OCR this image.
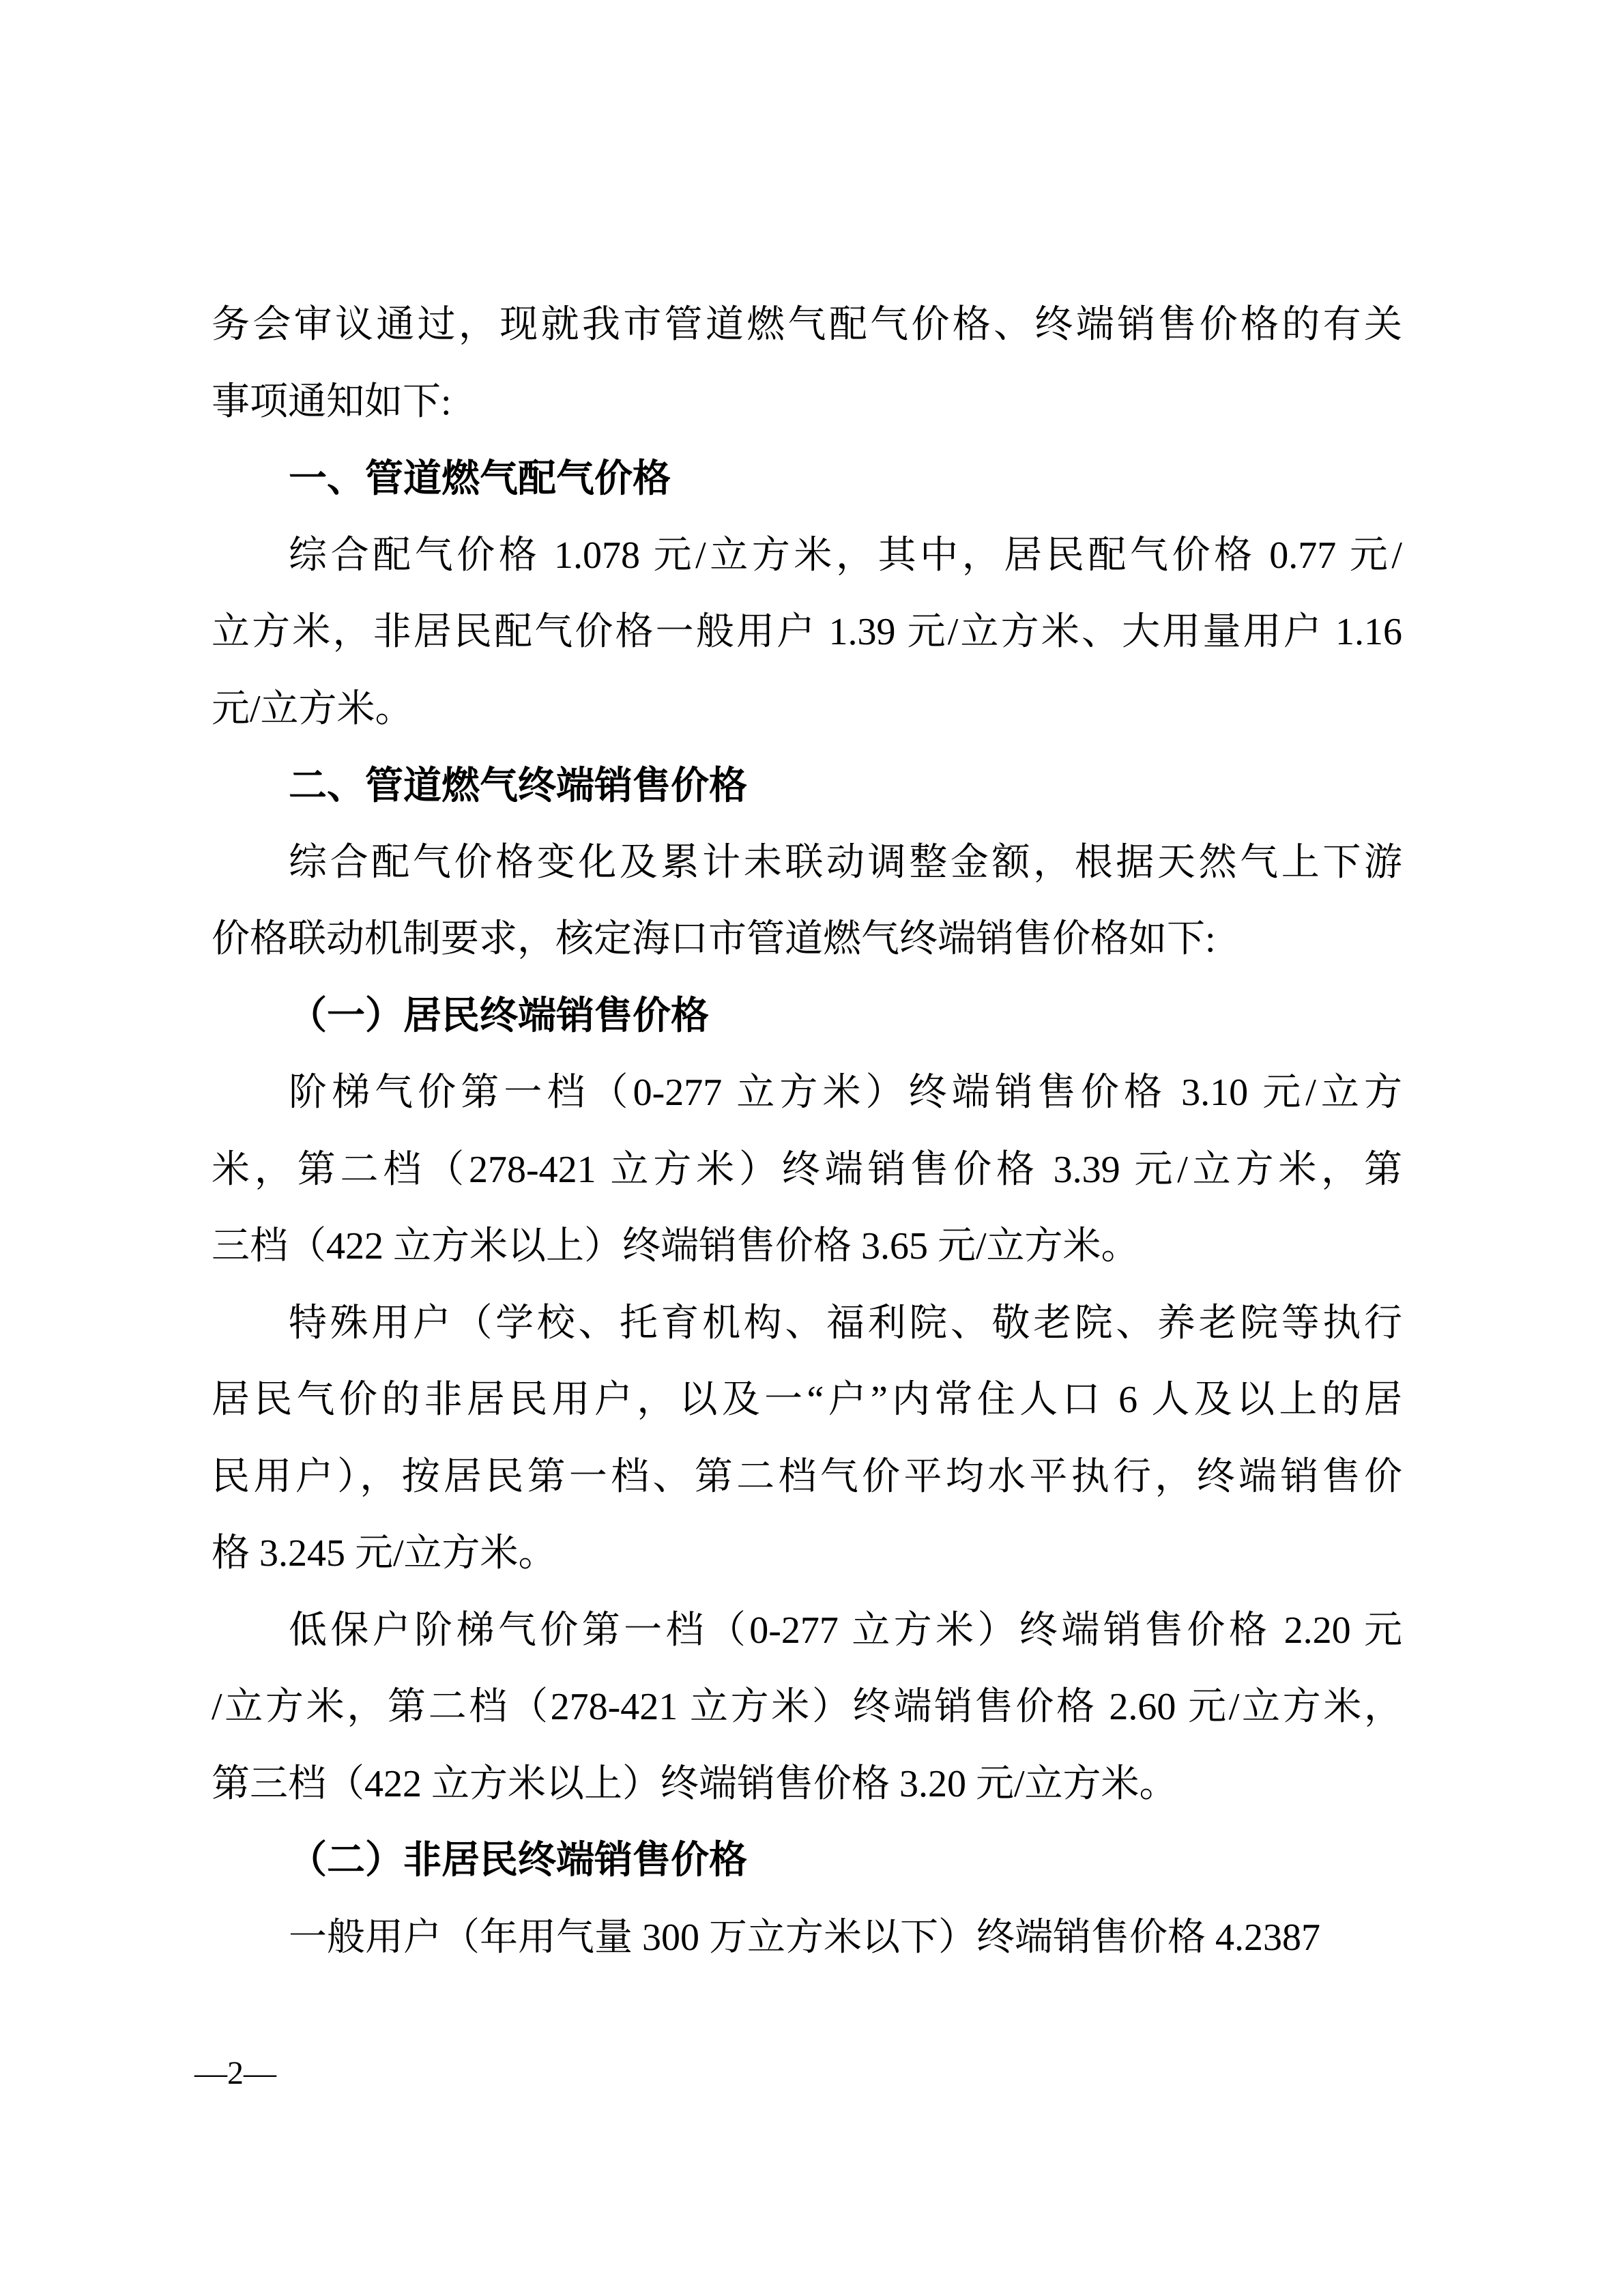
务会审议通过，现就我市管道燃气配气价格、终端销售价格的有关
事项通知如下:
一、管道燃气配气价格
综合配气价格 1.078 元/立方米，其中，居民配气价格 0.77 元/
立方米，非居民配气价格一般用户 1.39 元/立方米、大用量用户 1.16
元/立方米。
二、管道燃气终端销售价格
综合配气价格变化及累计未联动调整金额，根据天然气上下游
价格联动机制要求，核定海口市管道燃气终端销售价格如下:
（一）居民终端销售价格
阶梯气价第一档（0-277 立方米）终端销售价格 3.10 元/立方
米，第二档（278-421 立方米）终端销售价格 3.39 元/立方米，第
三档（422 立方米以上）终端销售价格 3.65 元/立方米。
特殊用户（学校、托育机构、福利院、敬老院、养老院等执行
居民气价的非居民用户，以及一“户”内常住人口 6 人及以上的居
民用户），按居民第一档、第二档气价平均水平执行，终端销售价
格 3.245 元/立方米。
低保户阶梯气价第一档（0-277 立方米）终端销售价格 2.20 元
/立方米，第二档（278-421 立方米）终端销售价格 2.60 元/立方米，
第三档（422 立方米以上）终端销售价格 3.20 元/立方米。
（二）非居民终端销售价格
一般用户（年用气量 300 万立方米以下）终端销售价格 4.2387
—2—
